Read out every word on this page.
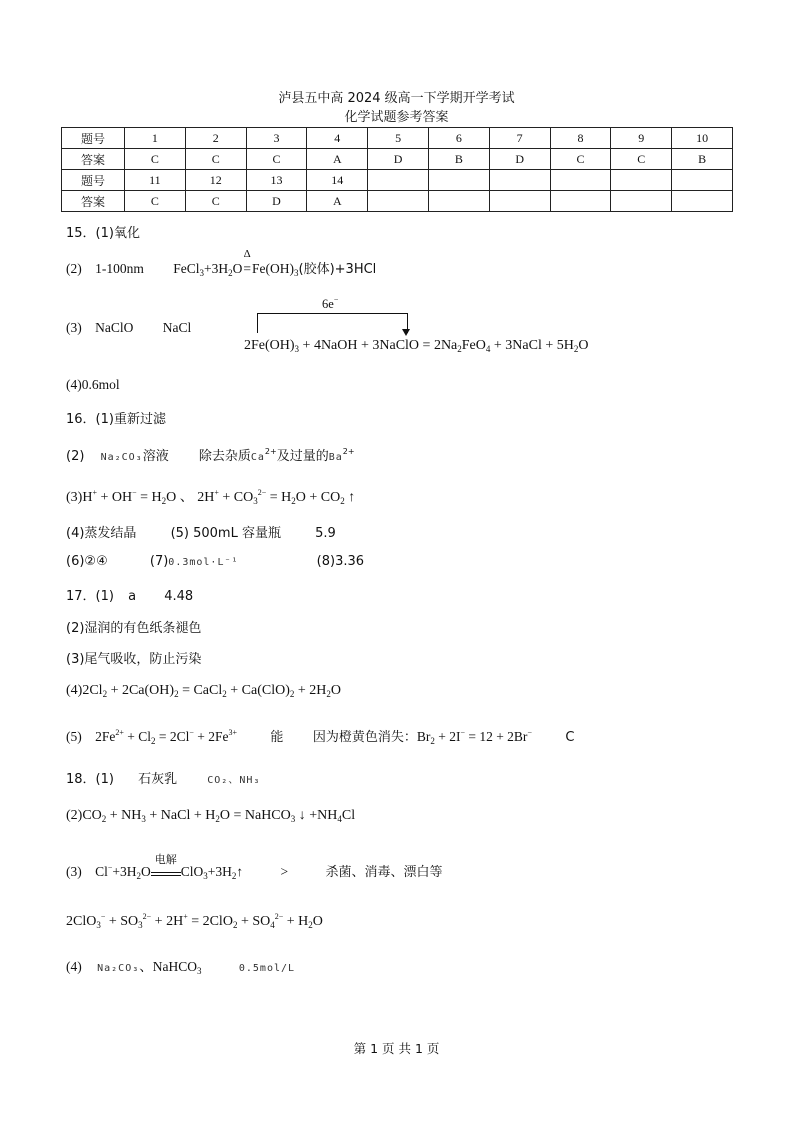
泸县五中高 2024 级高一下学期开学考试
化学试题参考答案
题号	1	2	3	4	5	6	7	8	9	10
答案	C	C	C	A	D	B	D	C	C	B
题号	11	12	13	14						
答案	C	C	D	A						
15．(1)氧化
(2) 1-100nm $FeCl_3+3H_2O$
Δ
$=Fe(OH)_3$(胶体)+3HCl
6e−
(3) NaClO NaCl
$2Fe(OH)_3$ + 4NaOH + 3NaClO = $2Na_2FeO_4$ + 3NaCl + $5H_2O$
(4)0.6mol
16．(1)重新过滤
(2) Na₂CO₃溶液 除去杂质$Ca^{2+}$及过量的$Ba^{2+}$
$(3)H^+ + OH^- = H_2O$ 、 $2H^+ + CO_3^{2-} = H_2O + CO_2$ ↑
(4)蒸发结晶	(5) 500mL 容量瓶	5.9
(6)②④	(7)0.3mol·L⁻¹	(8)3.36
17．(1) a 4.48
(2)湿润的有色纸条褪色
(3)尾气吸收，防止污染
$(4)2Cl_2 + 2Ca(OH)_2$ = CaCl$_2$ + $Ca(ClO)_2 + 2H_2O$
(5) $2Fe^{2+} + Cl_2 = 2Cl^- + 2Fe^{3+}$	能 因为橙黄色消失：$Br_2 + 2I^- = 12 + 2Br^-$	C
18．(1) 石灰乳	CO₂、NH₃
$(2)CO_2 + NH_3$ + NaCl + $H_2O$ = NaHCO$_3$ ↓ $+NH_4Cl$
(3) $Cl^-+3H_2O$
电解
$ClO_3+3H_2↑$	>	杀菌、消毒、漂白等
$2ClO_3^- + SO_3^{2-} + 2H^+ = 2ClO_2 + SO_4^{2-} + H_2O$
(4) Na₂CO₃、NaHCO$_3$	0.5mol/L
第 1 页 共 1 页
